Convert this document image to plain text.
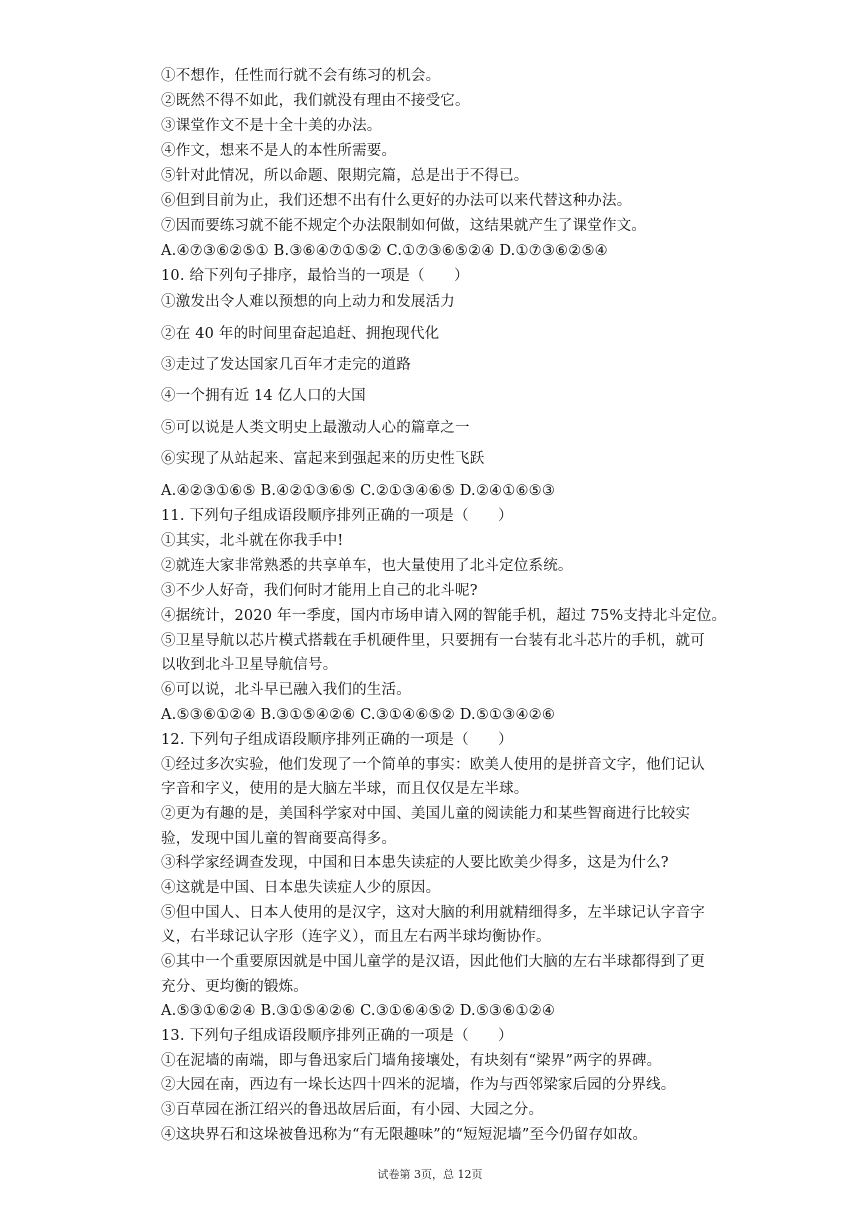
①不想作，任性而行就不会有练习的机会。
②既然不得不如此，我们就没有理由不接受它。
③课堂作文不是十全十美的办法。
④作文，想来不是人的本性所需要。
⑤针对此情况，所以命题、限期完篇，总是出于不得已。
⑥但到目前为止，我们还想不出有什么更好的办法可以来代替这种办法。
⑦因而要练习就不能不规定个办法限制如何做，这结果就产生了课堂作文。
A.④⑦③⑥②⑤① B.③⑥④⑦①⑤② C.①⑦③⑥⑤②④ D.①⑦③⑥②⑤④
10. 给下列句子排序，最恰当的一项是（　　）
①激发出令人难以预想的向上动力和发展活力
②在 40 年的时间里奋起追赶、拥抱现代化
③走过了发达国家几百年才走完的道路
④一个拥有近 14 亿人口的大国
⑤可以说是人类文明史上最激动人心的篇章之一
⑥实现了从站起来、富起来到强起来的历史性飞跃
A.④②③①⑥⑤ B.④②①③⑥⑤ C.②①③④⑥⑤ D.②④①⑥⑤③
11. 下列句子组成语段顺序排列正确的一项是（　　）
①其实，北斗就在你我手中!
②就连大家非常熟悉的共享单车，也大量使用了北斗定位系统。
③不少人好奇，我们何时才能用上自己的北斗呢?
④据统计，2020 年一季度，国内市场申请入网的智能手机，超过 75%支持北斗定位。
⑤卫星导航以芯片模式搭载在手机硬件里，只要拥有一台装有北斗芯片的手机，就可
以收到北斗卫星导航信号。
⑥可以说，北斗早已融入我们的生活。
A.⑤③⑥①②④ B.③①⑤④②⑥ C.③①④⑥⑤② D.⑤①③④②⑥
12. 下列句子组成语段顺序排列正确的一项是（　　）
①经过多次实验，他们发现了一个简单的事实：欧美人使用的是拼音文字，他们记认
字音和字义，使用的是大脑左半球，而且仅仅是左半球。
②更为有趣的是，美国科学家对中国、美国儿童的阅读能力和某些智商进行比较实
验，发现中国儿童的智商要高得多。
③科学家经调查发现，中国和日本患失读症的人要比欧美少得多，这是为什么?
④这就是中国、日本患失读症人少的原因。
⑤但中国人、日本人使用的是汉字，这对大脑的利用就精细得多，左半球记认字音字
义，右半球记认字形（连字义），而且左右两半球均衡协作。
⑥其中一个重要原因就是中国儿童学的是汉语，因此他们大脑的左右半球都得到了更
充分、更均衡的锻炼。
A.⑤③①⑥②④ B.③①⑤④②⑥ C.③①⑥④⑤② D.⑤③⑥①②④
13. 下列句子组成语段顺序排列正确的一项是（　　）
①在泥墙的南端，即与鲁迅家后门墙角接壤处，有块刻有“梁界”两字的界碑。
②大园在南，西边有一垛长达四十四米的泥墙，作为与西邻梁家后园的分界线。
③百草园在浙江绍兴的鲁迅故居后面，有小园、大园之分。
④这块界石和这垛被鲁迅称为“有无限趣味”的“短短泥墙”至今仍留存如故。
试卷第 3页，总 12页
